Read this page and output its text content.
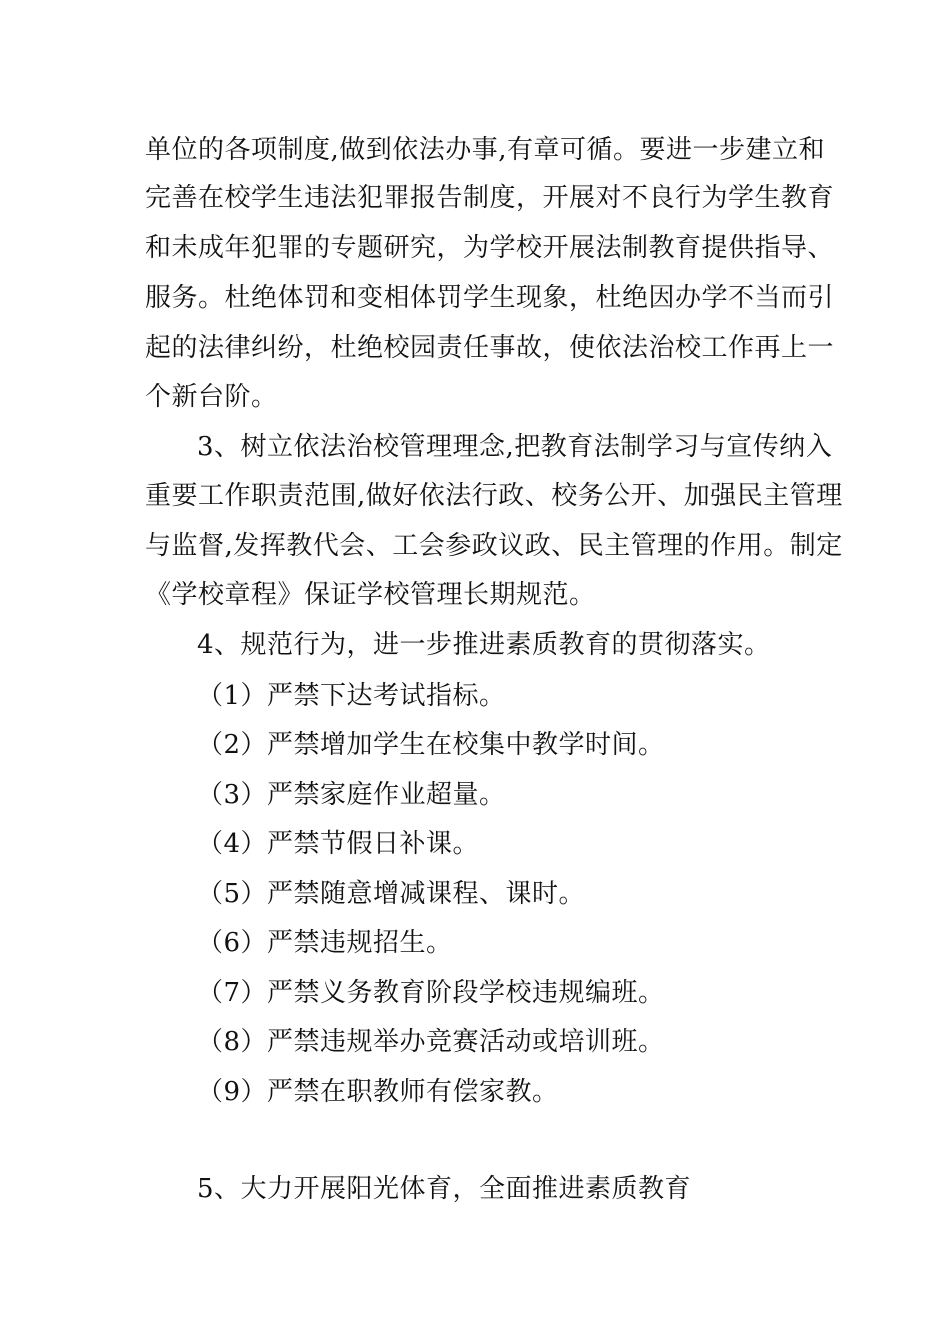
单位的各项制度,做到依法办事,有章可循。要进一步建立和
完善在校学生违法犯罪报告制度，开展对不良行为学生教育
和未成年犯罪的专题研究，为学校开展法制教育提供指导、
服务。杜绝体罚和变相体罚学生现象，杜绝因办学不当而引
起的法律纠纷，杜绝校园责任事故，使依法治校工作再上一
个新台阶。
3、树立依法治校管理理念,把教育法制学习与宣传纳入
重要工作职责范围,做好依法行政、校务公开、加强民主管理
与监督,发挥教代会、工会参政议政、民主管理的作用。制定
《学校章程》保证学校管理长期规范。
4、规范行为，进一步推进素质教育的贯彻落实。
（1）严禁下达考试指标。
（2）严禁增加学生在校集中教学时间。
（3）严禁家庭作业超量。
（4）严禁节假日补课。
（5）严禁随意增减课程、课时。
（6）严禁违规招生。
（7）严禁义务教育阶段学校违规编班。
（8）严禁违规举办竞赛活动或培训班。
（9）严禁在职教师有偿家教。
5、大力开展阳光体育，全面推进素质教育
